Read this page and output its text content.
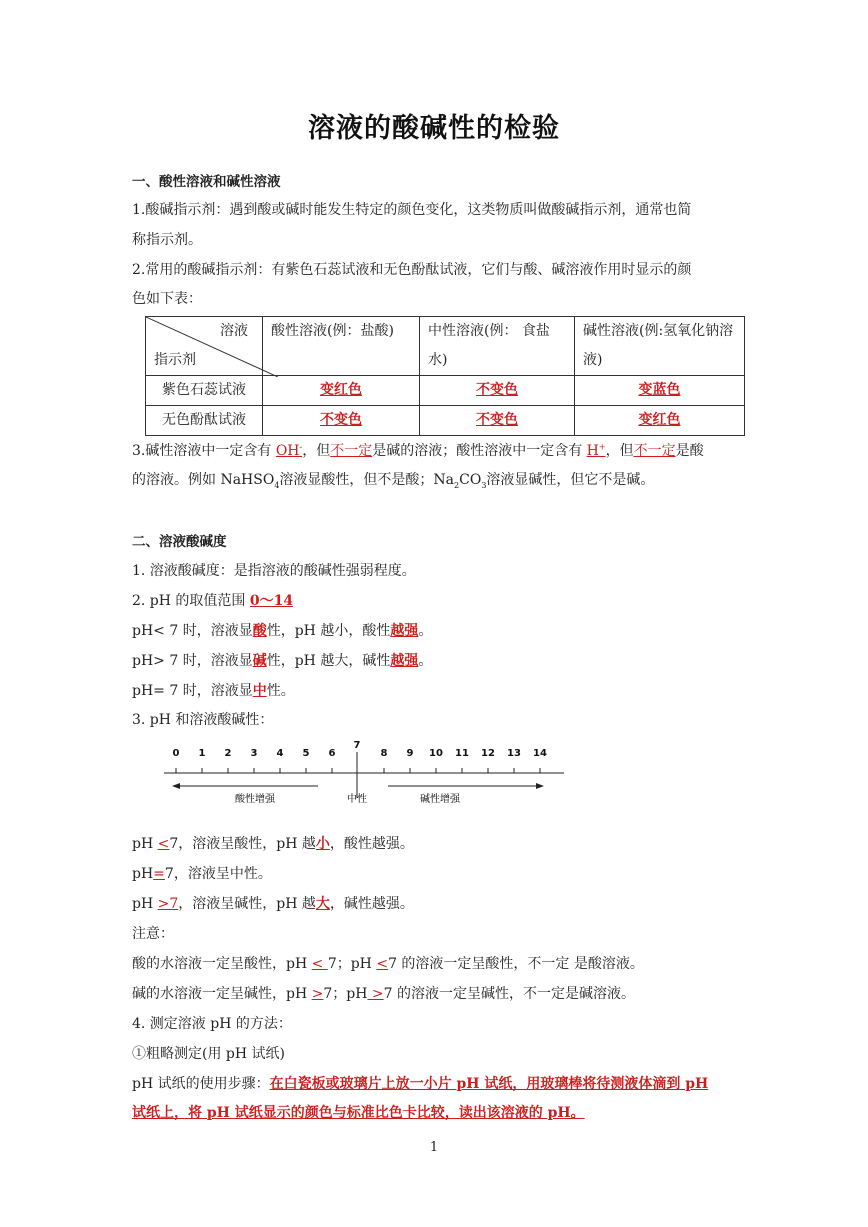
溶液的酸碱性的检验
一、酸性溶液和碱性溶液
1.酸碱指示剂：遇到酸或碱时能发生特定的颜色变化，这类物质叫做酸碱指示剂，通常也简
称指示剂。
2.常用的酸碱指示剂：有紫色石蕊试液和无色酚酞试液，它们与酸、碱溶液作用时显示的颜
色如下表：
溶液
指示剂	酸性溶液(例：盐酸)	中性溶液(例： 食盐水)	碱性溶液(例:氢氧化钠溶液)
紫色石蕊试液	变红色	不变色	变蓝色
无色酚酞试液	不变色	不变色	变红色
3.碱性溶液中一定含有 OH-，但不一定是碱的溶液；酸性溶液中一定含有 H+，但不一定是酸
的溶液。例如 NaHSO$_4$溶液显酸性，但不是酸；$Na_2CO_3$溶液显碱性，但它不是碱。
二、溶液酸碱度
1. 溶液酸碱度：是指溶液的酸碱性强弱程度。
2. pH 的取值范围 0～14
pH< 7 时，溶液显酸性，pH 越小，酸性越强。
pH> 7 时，溶液显碱性，pH 越大，碱性越强。
pH= 7 时，溶液显中性。
3. pH 和溶液酸碱性：
0 1 2 3 4 5 6
7
8 9 10 11 12 13 14
酸性增强	中性	碱性增强
pH <7，溶液呈酸性，pH 越小，酸性越强。
pH=7，溶液呈中性。
pH >7，溶液呈碱性，pH 越大，碱性越强。
注意：
酸的水溶液一定呈酸性，pH < 7；pH <7 的溶液一定呈酸性，不一定 是酸溶液。
碱的水溶液一定呈碱性，pH >7；pH >7 的溶液一定呈碱性，不一定是碱溶液。
4. 测定溶液 pH 的方法：
①粗略测定(用 pH 试纸)
pH 试纸的使用步骤：在白瓷板或玻璃片上放一小片 pH 试纸，用玻璃棒将待测液体滴到 pH
试纸上，将 pH 试纸显示的颜色与标准比色卡比较，读出该溶液的 pH。
1
